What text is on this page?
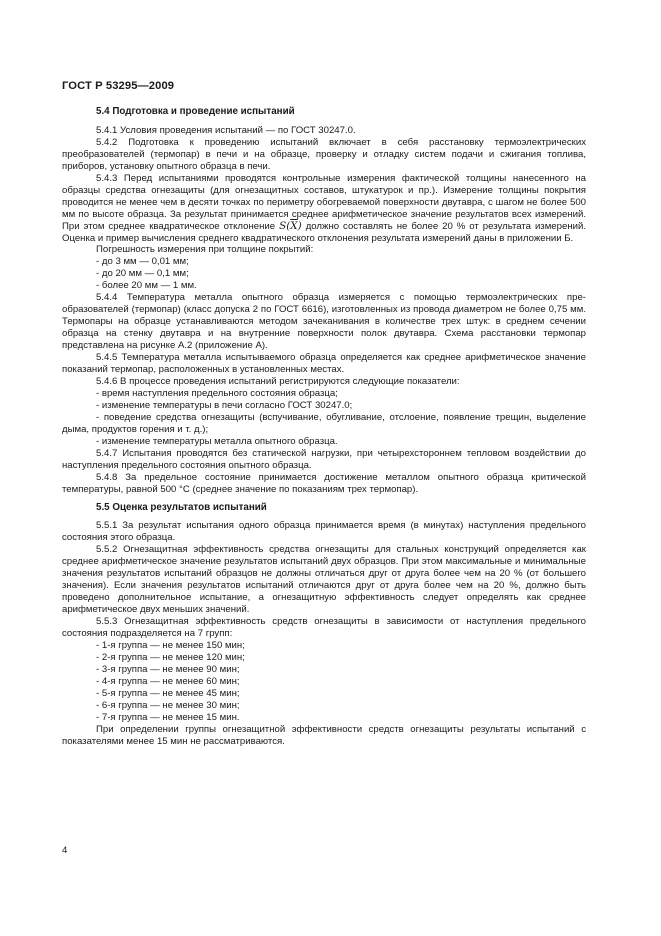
ГОСТ Р 53295—2009
5.4 Подготовка и проведение испытаний

5.4.1 Условия проведения испытаний — по ГОСТ 30247.0.

5.4.2 Подготовка к проведению испытаний включает в себя расстановку термоэлектрических преобразователей (термопар) в печи и на образце, проверку и отладку систем подачи и сжигания топлива, приборов, установку опытного образца в печи.

5.4.3 Перед испытаниями проводятся контрольные измерения фактической толщины нанесенного на образцы средства огнезащиты (для огнезащитных составов, штукатурок и пр.). Измерение толщины покрытия проводится не менее чем в десяти точках по периметру обогреваемой поверхности двутавра, с шагом не более 500 мм по высоте образца. За результат принимается среднее арифметическое значение результатов всех измерений. При этом среднее квадратическое отклонение $S(\overline{X})$ должно составлять не более 20 % от результата измерений. Оценка и пример вычисления среднего квадратического отклонения результата измерений даны в приложении Б.

Погрешность измерения при толщине покрытий:

- до 3 мм — 0,01 мм;

- до 20 мм — 0,1 мм;

- более 20 мм — 1 мм.

5.4.4 Температура металла опытного образца измеряется с помощью термоэлектрических преобразователей (термопар) (класс допуска 2 по ГОСТ 6616), изготовленных из провода диаметром не более 0,75 мм. Термопары на образце устанавливаются методом зачеканивания в количестве трех штук: в среднем сечении образца на стенку двутавра и на внутренние поверхности полок двутавра. Схема расстановки термопар представлена на рисунке А.2 (приложение А).

5.4.5 Температура металла испытываемого образца определяется как среднее арифметическое значение показаний термопар, расположенных в установленных местах.

5.4.6 В процессе проведения испытаний регистрируются следующие показатели:

- время наступления предельного состояния образца;

- изменение температуры в печи согласно ГОСТ 30247.0;

- поведение средства огнезащиты (вспучивание, обугливание, отслоение, появление трещин, выделение дыма, продуктов горения и т. д.);

- изменение температуры металла опытного образца.

5.4.7 Испытания проводятся без статической нагрузки, при четырехстороннем тепловом воздействии до наступления предельного состояния опытного образца.

5.4.8 За предельное состояние принимается достижение металлом опытного образца критической температуры, равной 500 °С (среднее значение по показаниям трех термопар).

5.5 Оценка результатов испытаний

5.5.1 За результат испытания одного образца принимается время (в минутах) наступления предельного состояния этого образца.

5.5.2 Огнезащитная эффективность средства огнезащиты для стальных конструкций определяется как среднее арифметическое значение результатов испытаний двух образцов. При этом максимальные и минимальные значения результатов испытаний образцов не должны отличаться друг от друга более чем на 20 % (от большего значения). Если значения результатов испытаний отличаются друг от друга более чем на 20 %, должно быть проведено дополнительное испытание, а огнезащитную эффективность следует определять как среднее арифметическое двух меньших значений.

5.5.3 Огнезащитная эффективность средств огнезащиты в зависимости от наступления предельного состояния подразделяется на 7 групп:

- 1-я группа — не менее 150 мин;

- 2-я группа — не менее 120 мин;

- 3-я группа — не менее 90 мин;

- 4-я группа — не менее 60 мин;

- 5-я группа — не менее 45 мин;

- 6-я группа — не менее 30 мин;

- 7-я группа — не менее 15 мин.

При определении группы огнезащитной эффективности средств огнезащиты результаты испытаний с показателями менее 15 мин не рассматриваются.

4
